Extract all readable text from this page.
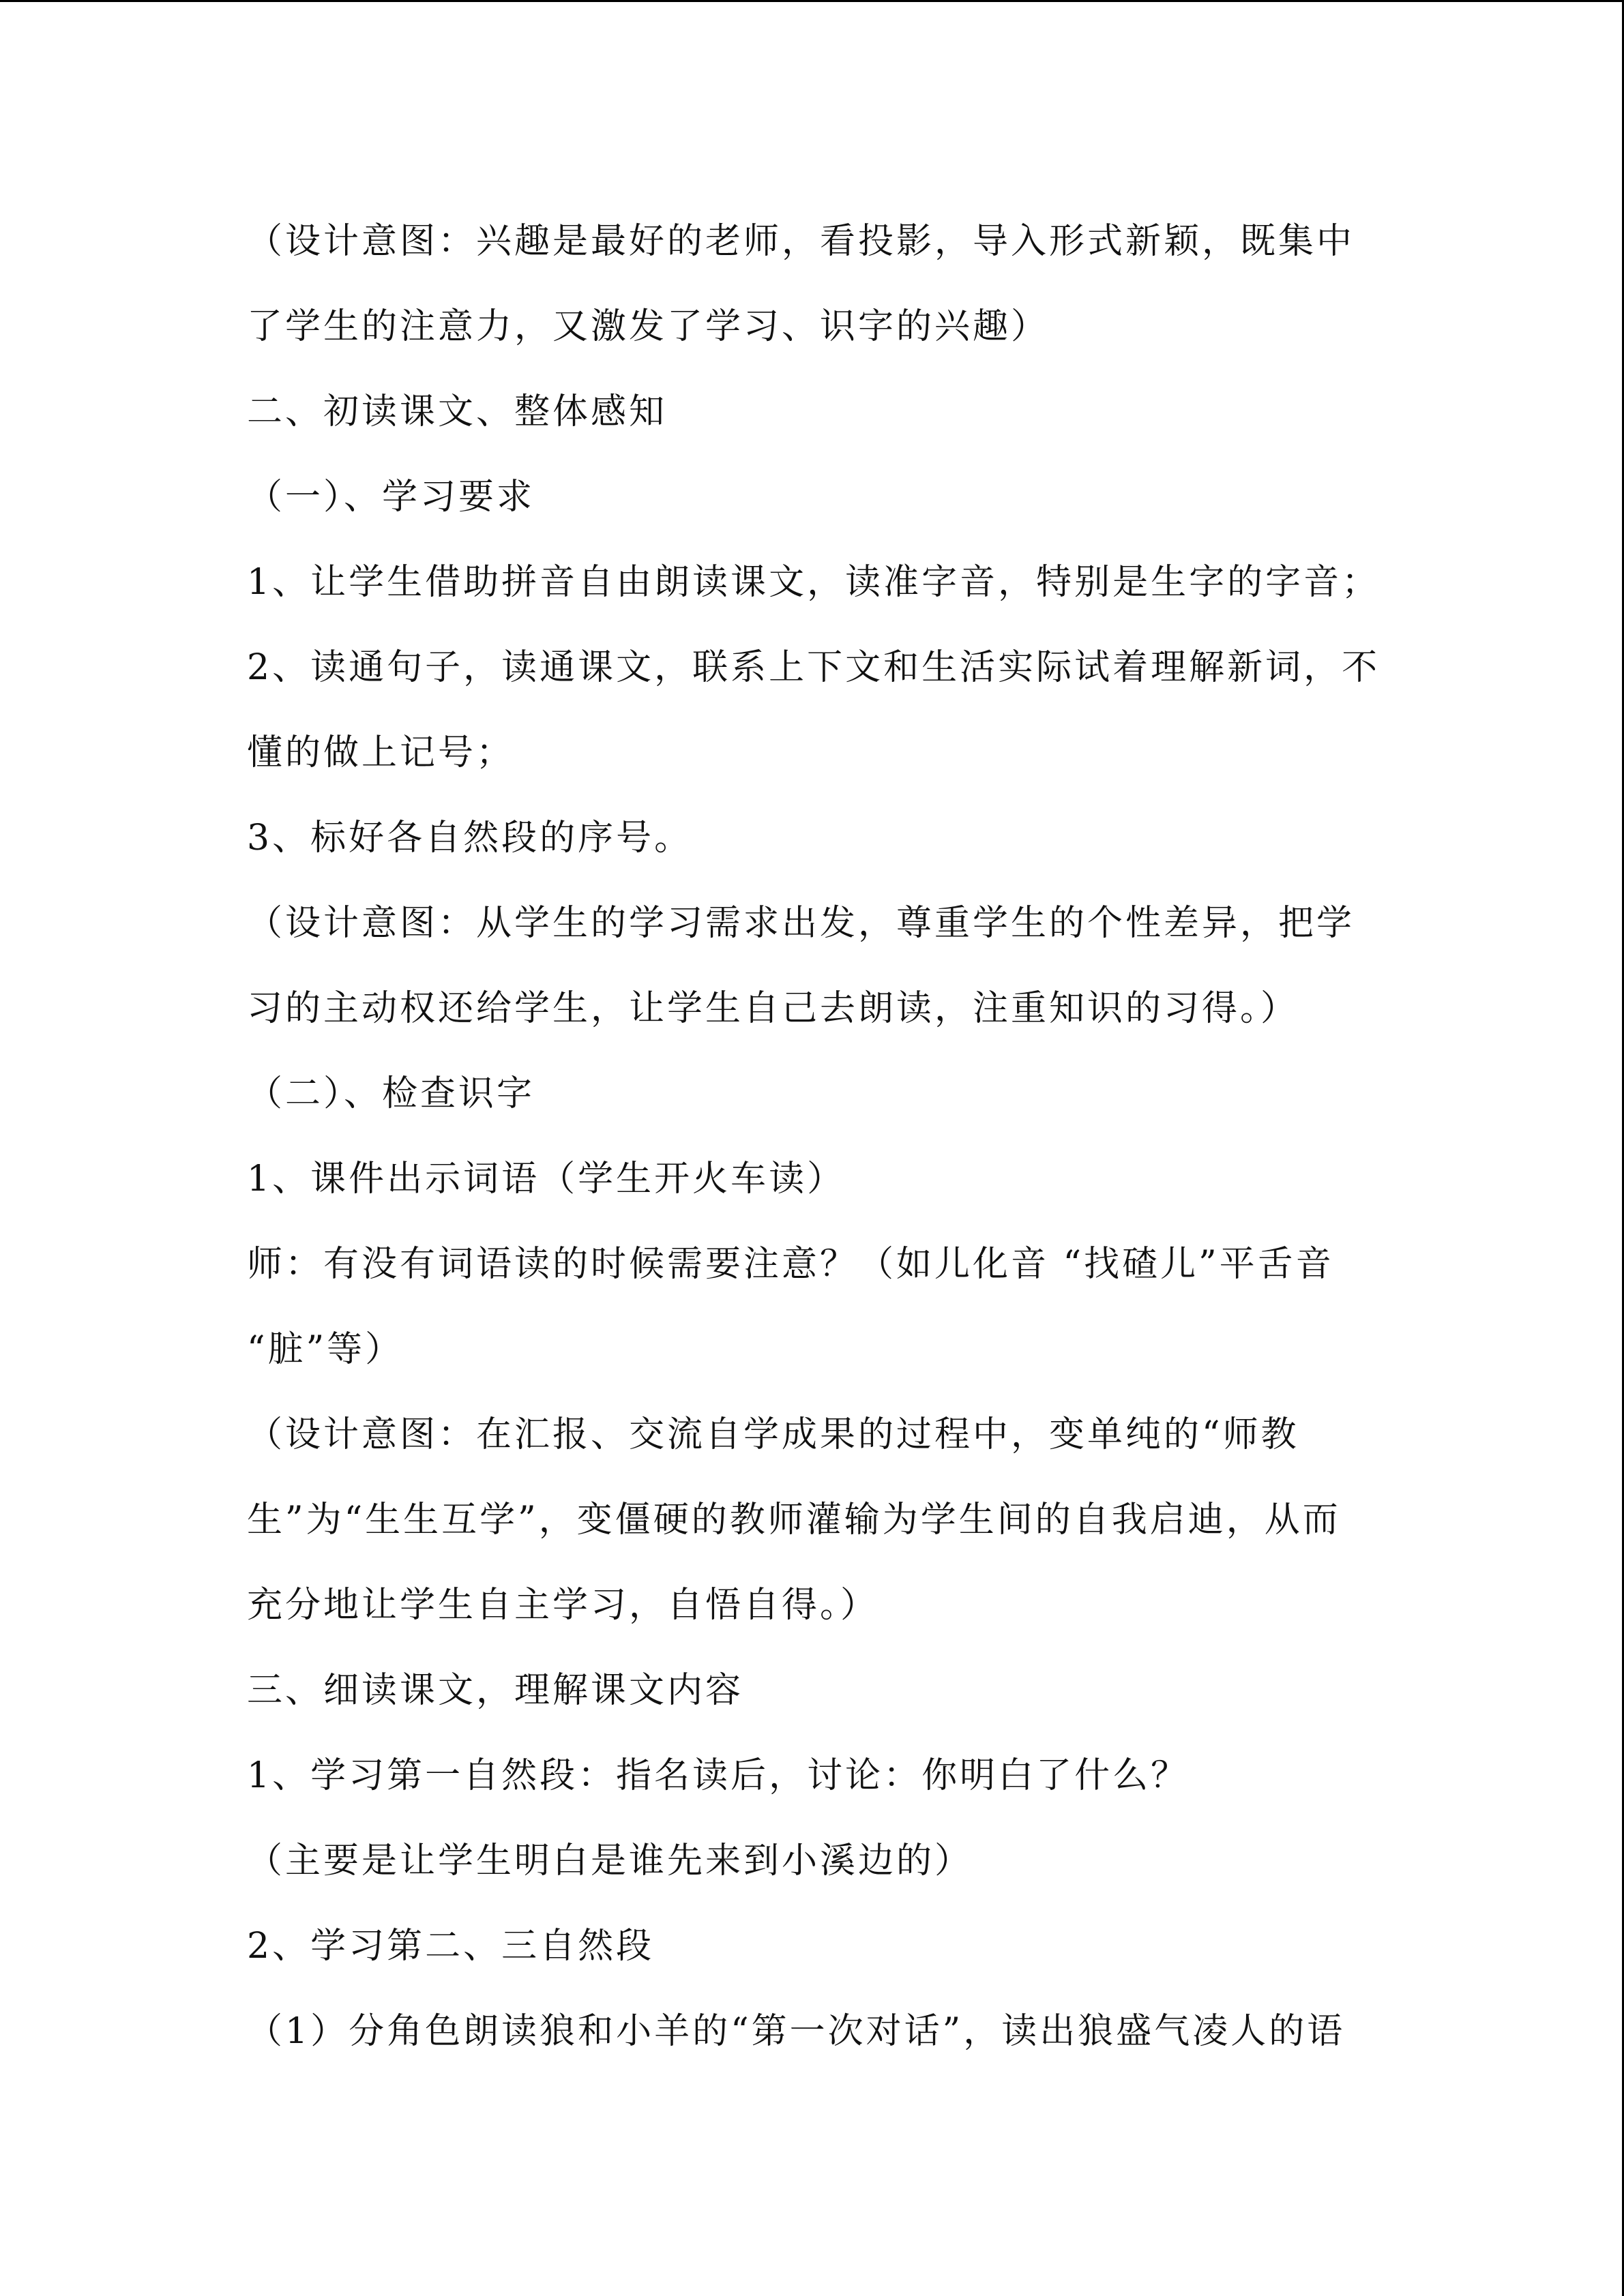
（设计意图：兴趣是最好的老师，看投影，导入形式新颖，既集中
了学生的注意力，又激发了学习、识字的兴趣）
二、初读课文、整体感知
（一）、学习要求
1、让学生借助拼音自由朗读课文，读准字音，特别是生字的字音；
2、读通句子，读通课文，联系上下文和生活实际试着理解新词，不
懂的做上记号；
3、标好各自然段的序号。
（设计意图：从学生的学习需求出发，尊重学生的个性差异，把学
习的主动权还给学生，让学生自己去朗读，注重知识的习得。）
（二）、检查识字
1、课件出示词语（学生开火车读）
师：有没有词语读的时候需要注意？（如儿化音 “找碴儿”平舌音
“脏”等）
（设计意图：在汇报、交流自学成果的过程中，变单纯的“师教
生”为“生生互学”，变僵硬的教师灌输为学生间的自我启迪，从而
充分地让学生自主学习，自悟自得。）
三、细读课文，理解课文内容
1、学习第一自然段：指名读后，讨论：你明白了什么？
（主要是让学生明白是谁先来到小溪边的）
2、学习第二、三自然段
（1）分角色朗读狼和小羊的“第一次对话”，读出狼盛气凌人的语
